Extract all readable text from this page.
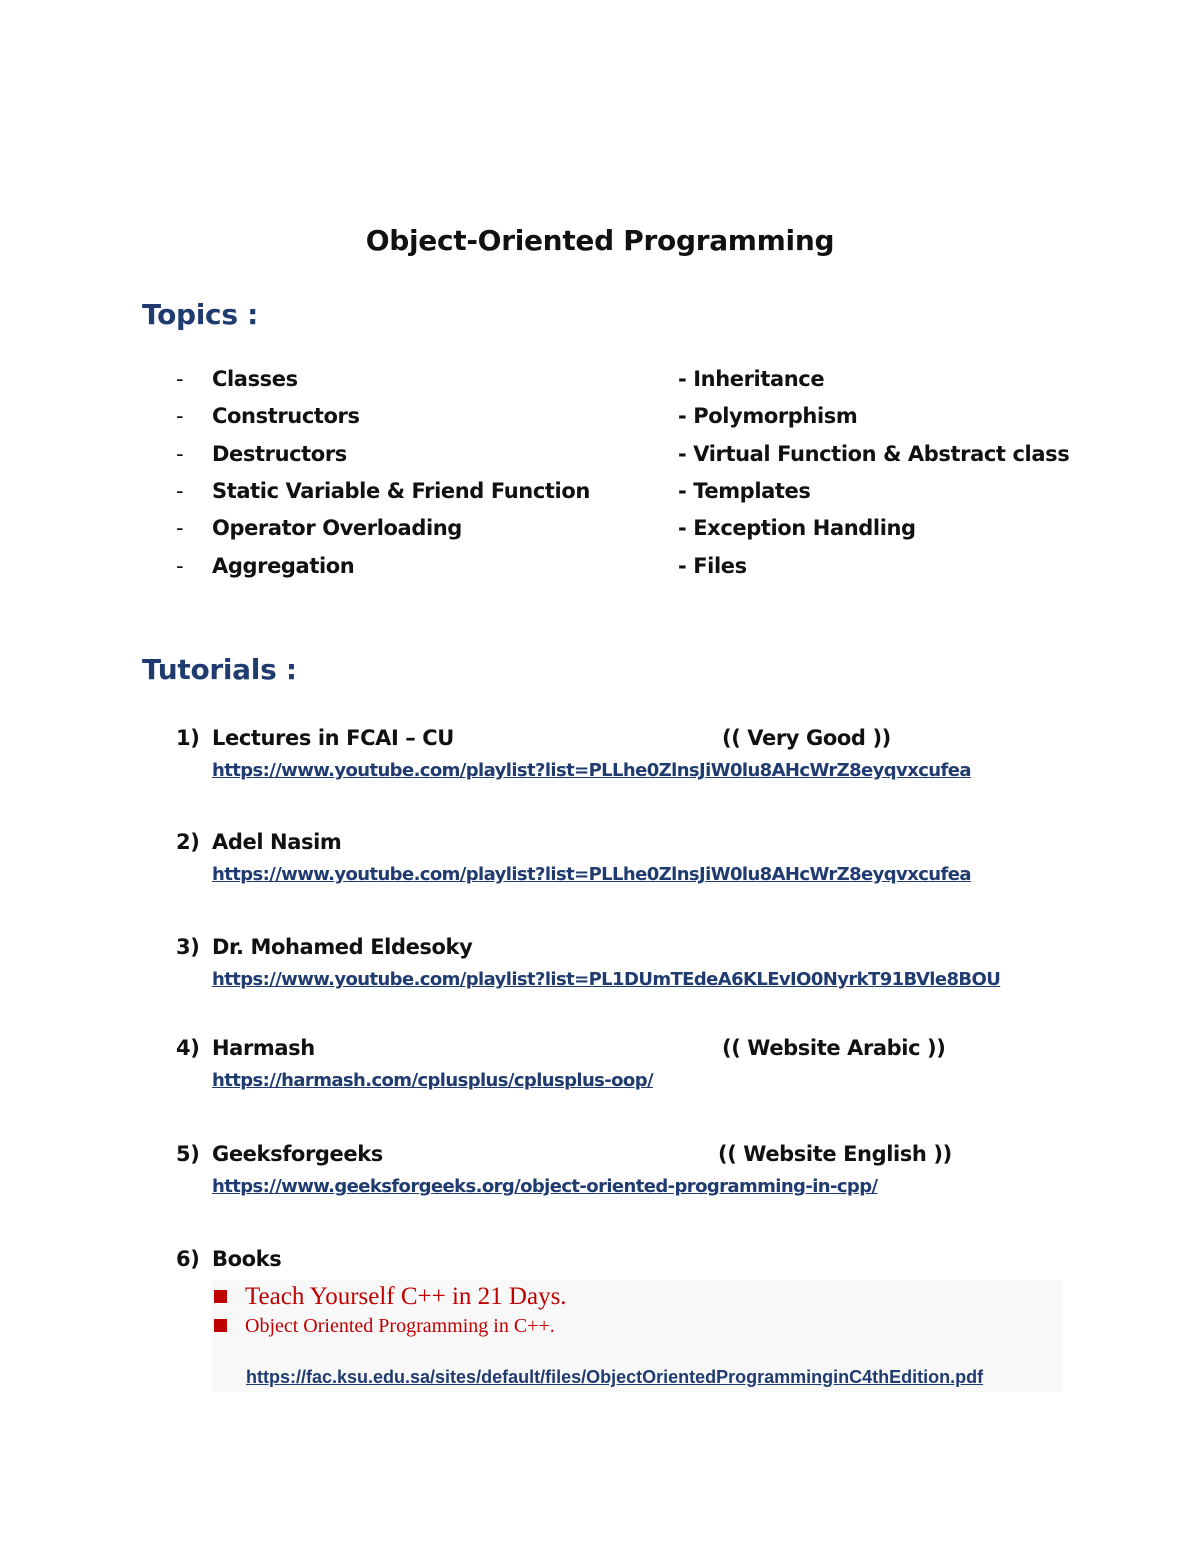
Object-Oriented Programming
Topics :
- Classes	- Inheritance
- Constructors	- Polymorphism
- Destructors	- Virtual Function & Abstract class
- Static Variable & Friend Function	- Templates
- Operator Overloading	- Exception Handling
- Aggregation	- Files
Tutorials :
1) Lectures in FCAI – CU	(( Very Good ))
https://www.youtube.com/playlist?list=PLLhe0ZlnsJiW0lu8AHcWrZ8eyqvxcufea
2) Adel Nasim
https://www.youtube.com/playlist?list=PLLhe0ZlnsJiW0lu8AHcWrZ8eyqvxcufea
3) Dr. Mohamed Eldesoky
https://www.youtube.com/playlist?list=PL1DUmTEdeA6KLEvIO0NyrkT91BVle8BOU
4) Harmash	(( Website Arabic ))
https://harmash.com/cplusplus/cplusplus-oop/
5) Geeksforgeeks	(( Website English ))
https://www.geeksforgeeks.org/object-oriented-programming-in-cpp/
6) Books
Teach Yourself C++ in 21 Days.
Object Oriented Programming in C++.
https://fac.ksu.edu.sa/sites/default/files/ObjectOrientedProgramminginC4thEdition.pdf
